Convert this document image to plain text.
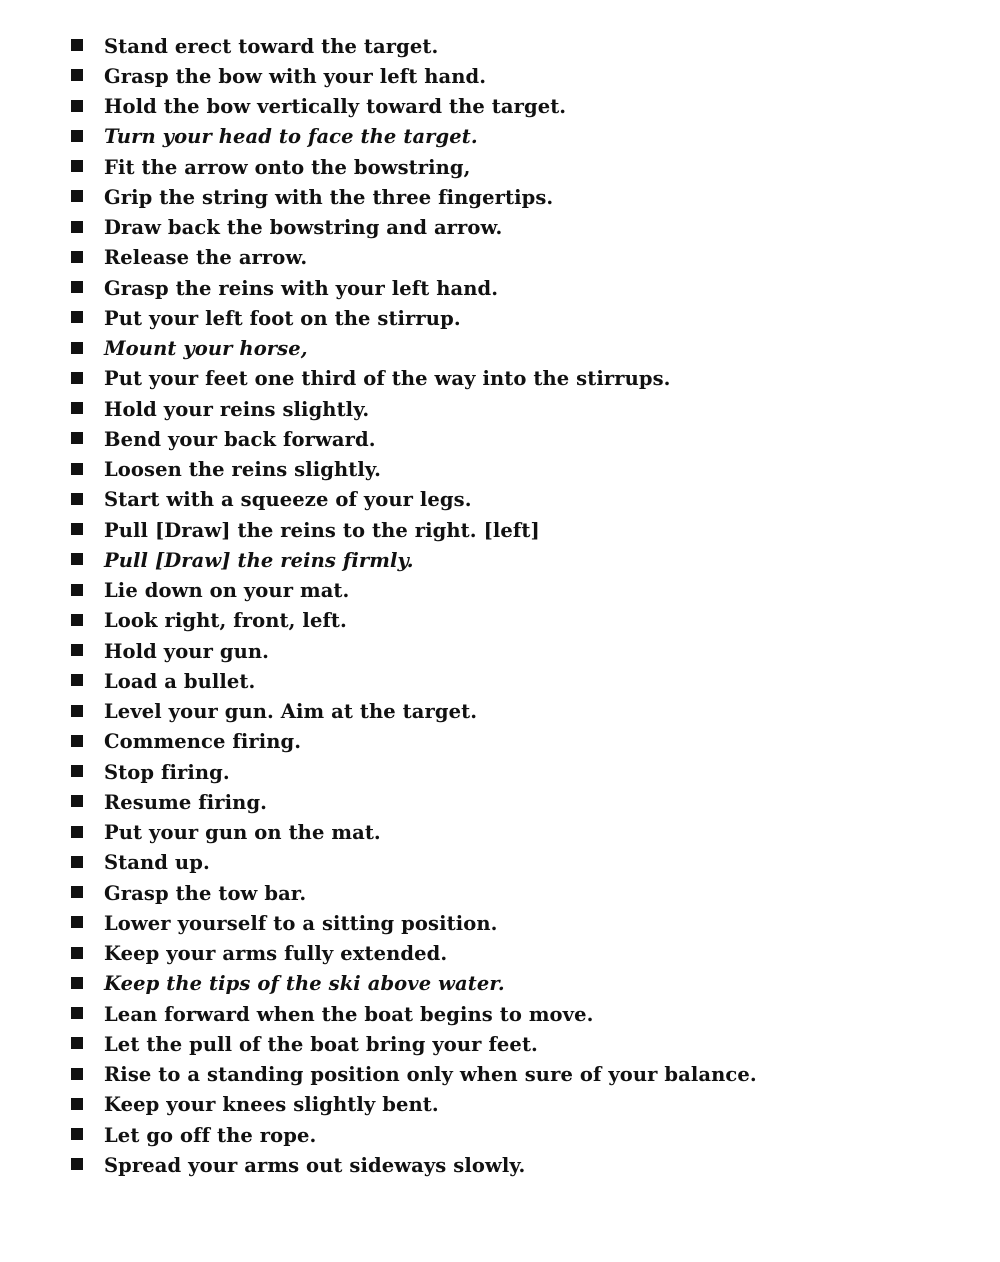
Stand erect toward the target.
Grasp the bow with your left hand.
Hold the bow vertically toward the target.
Turn your head to face the target.
Fit the arrow onto the bowstring,
Grip the string with the three fingertips.
Draw back the bowstring and arrow.
Release the arrow.
Grasp the reins with your left hand.
Put your left foot on the stirrup.
Mount your horse,
Put your feet one third of the way into the stirrups.
Hold your reins slightly.
Bend your back forward.
Loosen the reins slightly.
Start with a squeeze of your legs.
Pull [Draw] the reins to the right. [left]
Pull [Draw] the reins firmly.
Lie down on your mat.
Look right, front, left.
Hold your gun.
Load a bullet.
Level your gun. Aim at the target.
Commence firing.
Stop firing.
Resume firing.
Put your gun on the mat.
Stand up.
Grasp the tow bar.
Lower yourself to a sitting position.
Keep your arms fully extended.
Keep the tips of the ski above water.
Lean forward when the boat begins to move.
Let the pull of the boat bring your feet.
Rise to a standing position only when sure of your balance.
Keep your knees slightly bent.
Let go off the rope.
Spread your arms out sideways slowly.
